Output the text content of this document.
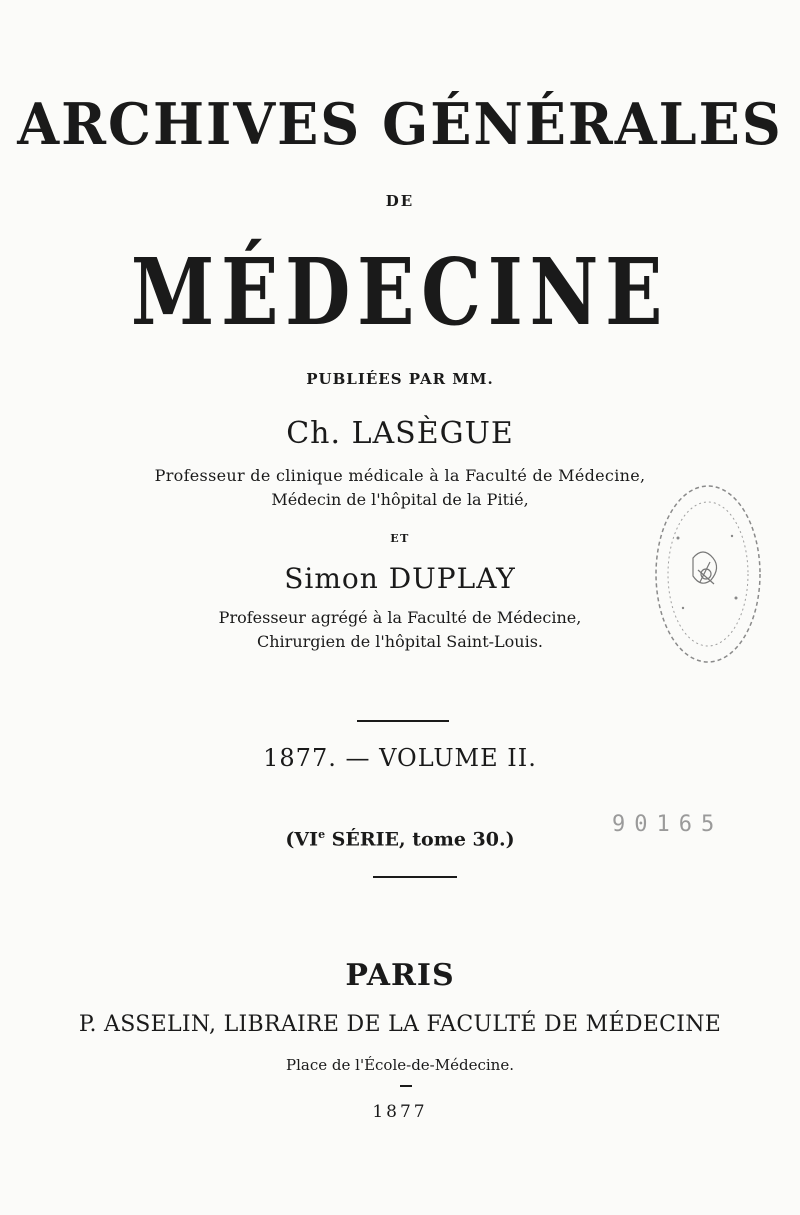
ARCHIVES GÉNÉRALES
DE
MÉDECINE
PUBLIÉES PAR MM.
Ch. LASÈGUE
Professeur de clinique médicale à la Faculté de Médecine,
Médecin de l'hôpital de la Pitié,
ET
Simon DUPLAY
Professeur agrégé à la Faculté de Médecine,
Chirurgien de l'hôpital Saint-Louis.
1877. — VOLUME II.
(VIe SÉRIE, tome 30.)
90165
PARIS
P. ASSELIN, LIBRAIRE DE LA FACULTÉ DE MÉDECINE
Place de l'École-de-Médecine.
1877
